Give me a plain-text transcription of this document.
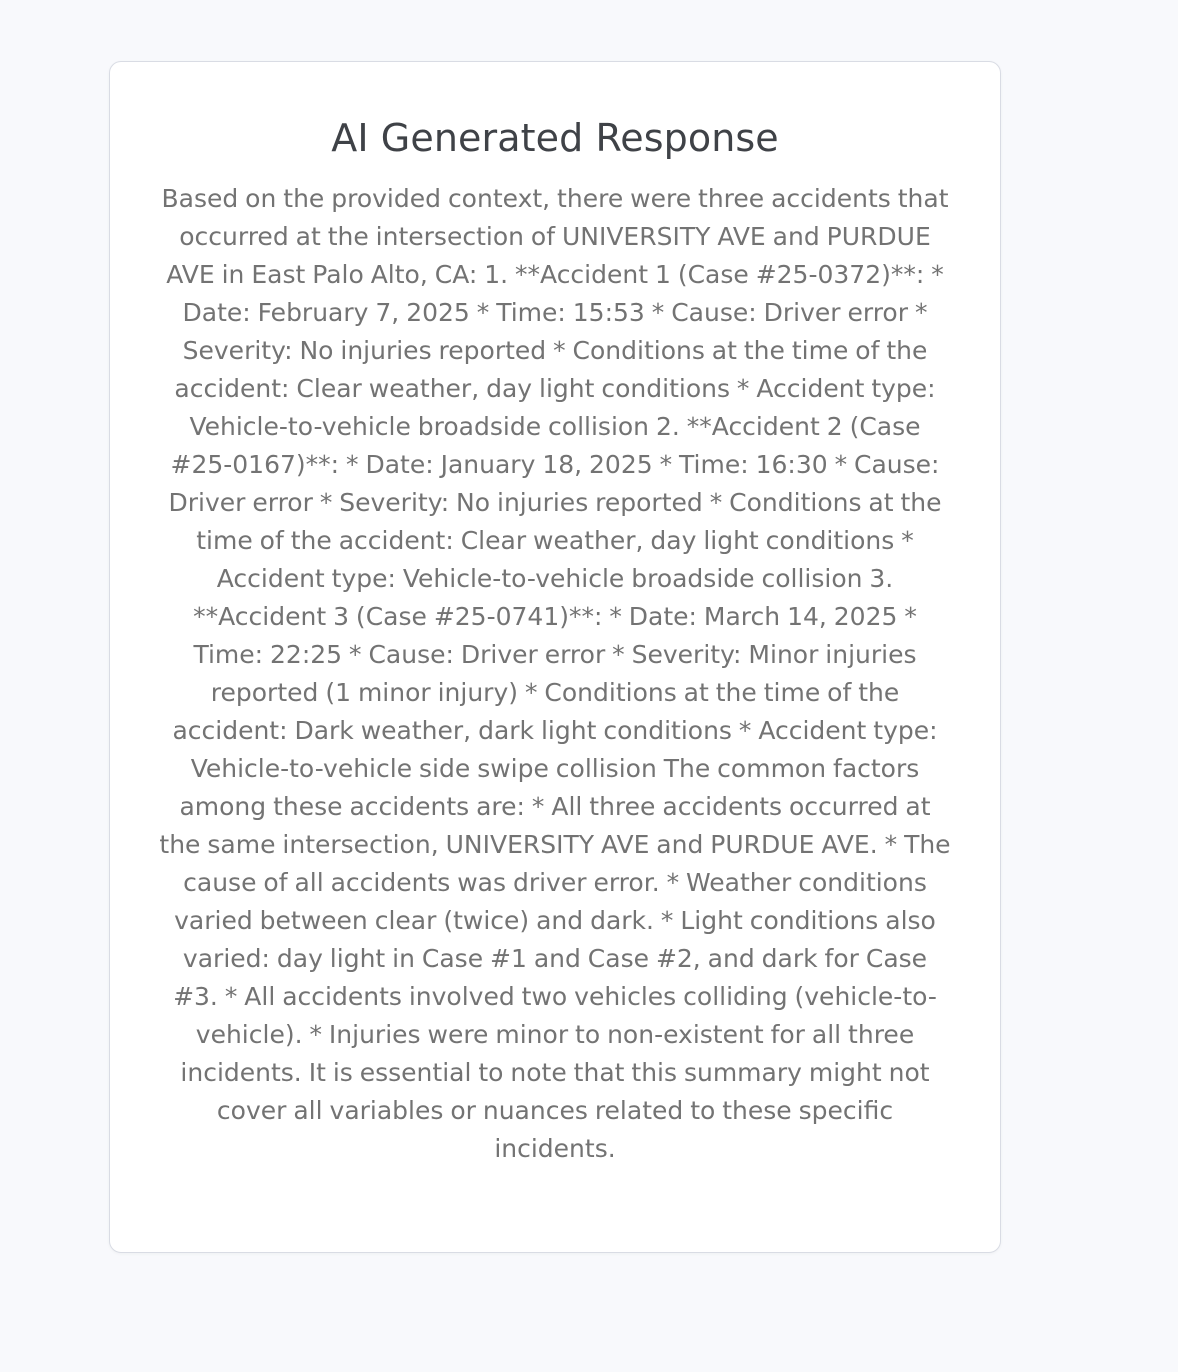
AI Generated Response

Based on the provided context, there were three accidents that occurred at the intersection of UNIVERSITY AVE and PURDUE AVE in East Palo Alto, CA: 1. **Accident 1 (Case #25-0372)**: * Date: February 7, 2025 * Time: 15:53 * Cause: Driver error * Severity: No injuries reported * Conditions at the time of the accident: Clear weather, day light conditions * Accident type: Vehicle-to-vehicle broadside collision 2. **Accident 2 (Case #25-0167)**: * Date: January 18, 2025 * Time: 16:30 * Cause: Driver error * Severity: No injuries reported * Conditions at the time of the accident: Clear weather, day light conditions * Accident type: Vehicle-to-vehicle broadside collision 3. **Accident 3 (Case #25-0741)**: * Date: March 14, 2025 * Time: 22:25 * Cause: Driver error * Severity: Minor injuries reported (1 minor injury) * Conditions at the time of the accident: Dark weather, dark light conditions * Accident type: Vehicle-to-vehicle side swipe collision The common factors among these accidents are: * All three accidents occurred at the same intersection, UNIVERSITY AVE and PURDUE AVE. * The cause of all accidents was driver error. * Weather conditions varied between clear (twice) and dark. * Light conditions also varied: day light in Case #1 and Case #2, and dark for Case #3. * All accidents involved two vehicles colliding (vehicle-to-vehicle). * Injuries were minor to non-existent for all three incidents. It is essential to note that this summary might not cover all variables or nuances related to these specific incidents.
